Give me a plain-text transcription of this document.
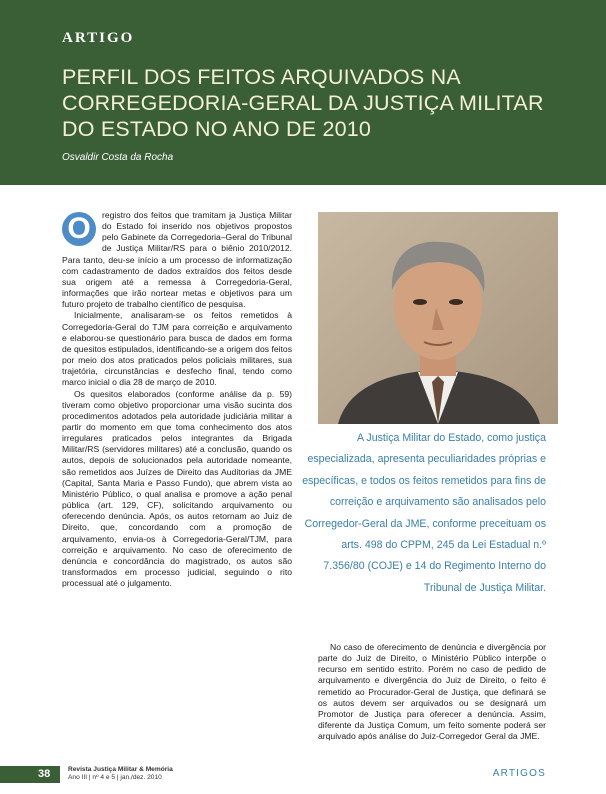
ARTIGO
PERFIL DOS FEITOS ARQUIVADOS NA CORREGEDORIA-GERAL DA JUSTIÇA MILITAR DO ESTADO NO ANO DE 2010
Osvaldir Costa da Rocha
O	registro dos feitos que tramitam ja Justiça Militar do Estado foi inserido nos objetivos propostos pelo Gabinete da Corregedoria–Geral do Tribunal de Justiça Militar/RS para o biênio 2010/2012. Para tanto, deu-se início a um processo de informatização com cadastramento de dados extraídos dos feitos desde sua origem até a remessa à Corregedoria-Geral, informações que irão nortear metas e objetivos para um futuro projeto de trabalho científico de pesquisa.

Inicialmente, analisaram-se os feitos remetidos à Corregedoria-Geral do TJM para correição e arquivamento e elaborou-se questionário para busca de dados em forma de quesitos estipulados, identificando-se a origem dos feitos por meio dos atos praticados pelos policiais militares, sua trajetória, circunstâncias e desfecho final, tendo como marco inicial o dia 28 de março de 2010.

Os quesitos elaborados (conforme análise da p. 59) tiveram como objetivo proporcionar uma visão sucinta dos procedimentos adotados pela autoridade judiciária militar a partir do momento em que toma conhecimento dos atos irregulares praticados pelos integrantes da Brigada Militar/RS (servidores militares) até a conclusão, quando os autos, depois de solucionados pela autoridade nomeante, são remetidos aos Juízes de Direito das Auditorias da JME (Capital, Santa Maria e Passo Fundo), que abrem vista ao Ministério Público, o qual analisa e promove a ação penal pública (art. 129, CF), solicitando arquivamento ou oferecendo denúncia. Após, os autos retornam ao Juiz de Direito, que, concordando com a promoção de arquivamento, envia-os à Corregedoria-Geral/TJM, para correição e arquivamento. No caso de oferecimento de denúncia e concordância do magistrado, os autos são transformados em processo judicial, seguindo o rito processual até o julgamento.

A Justiça Militar do Estado, como justiça especializada, apresenta peculiaridades próprias e específicas, e todos os feitos remetidos para fins de correição e arquivamento são analisados pelo Corregedor-Geral da JME, conforme preceituam os arts. 498 do CPPM, 245 da Lei Estadual n.º 7.356/80 (COJE) e 14 do Regimento Interno do Tribunal de Justiça Militar.
No caso de oferecimento de denúncia e divergência por parte do Juiz de Direito, o Ministério Público interpõe o recurso em sentido estrito. Porém no caso de pedido de arquivamento e divergência do Juiz de Direito, o feito é remetido ao Procurador-Geral de Justiça, que definará se os autos devem ser arquivados ou se designará um Promotor de Justiça para oferecer a denúncia. Assim, diferente da Justiça Comum, um feito somente poderá ser arquivado após análise do Juiz-Corregedor Geral da JME.
38	Revista Justiça Militar & Memória
Ano III | nº 4 e 5 | jan./dez. 2010	ARTIGOS
